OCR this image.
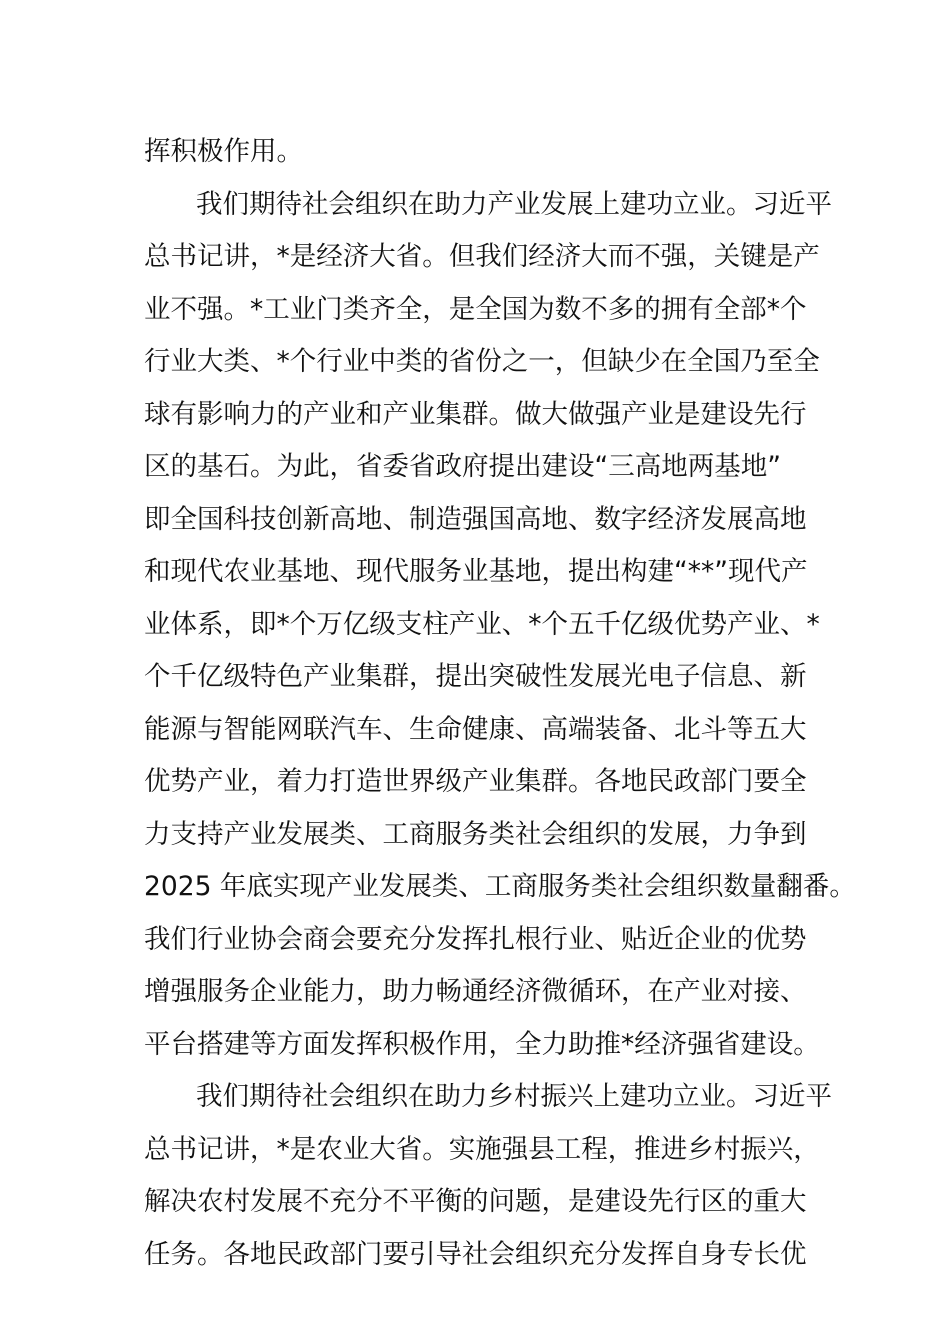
挥积极作用。
我们期待社会组织在助力产业发展上建功立业。习近平
总书记讲，*是经济大省。但我们经济大而不强，关键是产
业不强。*工业门类齐全，是全国为数不多的拥有全部*个
行业大类、*个行业中类的省份之一，但缺少在全国乃至全
球有影响力的产业和产业集群。做大做强产业是建设先行
区的基石。为此，省委省政府提出建设“三高地两基地”
即全国科技创新高地、制造强国高地、数字经济发展高地
和现代农业基地、现代服务业基地，提出构建“**”现代产
业体系，即*个万亿级支柱产业、*个五千亿级优势产业、*
个千亿级特色产业集群，提出突破性发展光电子信息、新
能源与智能网联汽车、生命健康、高端装备、北斗等五大
优势产业，着力打造世界级产业集群。各地民政部门要全
力支持产业发展类、工商服务类社会组织的发展，力争到
2025 年底实现产业发展类、工商服务类社会组织数量翻番。
我们行业协会商会要充分发挥扎根行业、贴近企业的优势
增强服务企业能力，助力畅通经济微循环，在产业对接、
平台搭建等方面发挥积极作用，全力助推*经济强省建设。
我们期待社会组织在助力乡村振兴上建功立业。习近平
总书记讲，*是农业大省。实施强县工程，推进乡村振兴，
解决农村发展不充分不平衡的问题，是建设先行区的重大
任务。各地民政部门要引导社会组织充分发挥自身专长优
